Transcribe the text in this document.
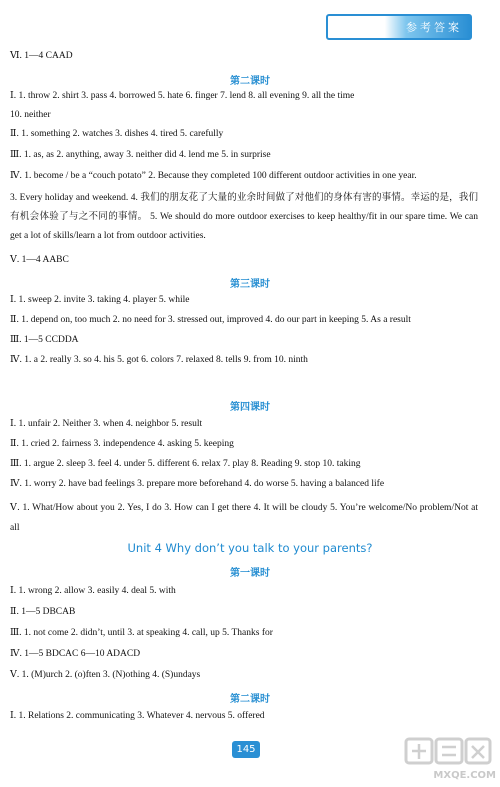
参考答案
Ⅵ. 1—4 CAAD
第二课时
Ⅰ. 1. throw 2. shirt 3. pass 4. borrowed 5. hate 6. finger 7. lend 8. all evening 9. all the time
10. neither
Ⅱ. 1. something 2. watches 3. dishes 4. tired 5. carefully
Ⅲ. 1. as, as 2. anything, away 3. neither did 4. lend me 5. in surprise
Ⅳ. 1. become / be a “couch potato” 2. Because they completed 100 different outdoor activities in one year.
3. Every holiday and weekend. 4. 我们的朋友花了大量的业余时间做了对他们的身体有害的事情。幸运的是，我们有机会体验了与之不同的事情。 5. We should do more outdoor exercises to keep healthy/fit in our spare time. We can get a lot of skills/learn a lot from outdoor activities.
Ⅴ. 1—4 AABC
第三课时
Ⅰ. 1. sweep 2. invite 3. taking 4. player 5. while
Ⅱ. 1. depend on, too much 2. no need for 3. stressed out, improved 4. do our part in keeping 5. As a result
Ⅲ. 1—5 CCDDA
Ⅳ. 1. a 2. really 3. so 4. his 5. got 6. colors 7. relaxed 8. tells 9. from 10. ninth
第四课时
Ⅰ. 1. unfair 2. Neither 3. when 4. neighbor 5. result
Ⅱ. 1. cried 2. fairness 3. independence 4. asking 5. keeping
Ⅲ. 1. argue 2. sleep 3. feel 4. under 5. different 6. relax 7. play 8. Reading 9. stop 10. taking
Ⅳ. 1. worry 2. have bad feelings 3. prepare more beforehand 4. do worse 5. having a balanced life
Ⅴ. 1. What/How about you 2. Yes, I do 3. How can I get there 4. It will be cloudy 5. You’re welcome/No problem/Not at all
Unit 4 Why don’t you talk to your parents?
第一课时
Ⅰ. 1. wrong 2. allow 3. easily 4. deal 5. with
Ⅱ. 1—5 DBCAB
Ⅲ. 1. not come 2. didn’t, until 3. at speaking 4. call, up 5. Thanks for
Ⅳ. 1—5 BDCAC 6—10 ADACD
Ⅴ. 1. (M)urch 2. (o)ften 3. (N)othing 4. (S)undays
第二课时
Ⅰ. 1. Relations 2. communicating 3. Whatever 4. nervous 5. offered
145
MXQE.COM
